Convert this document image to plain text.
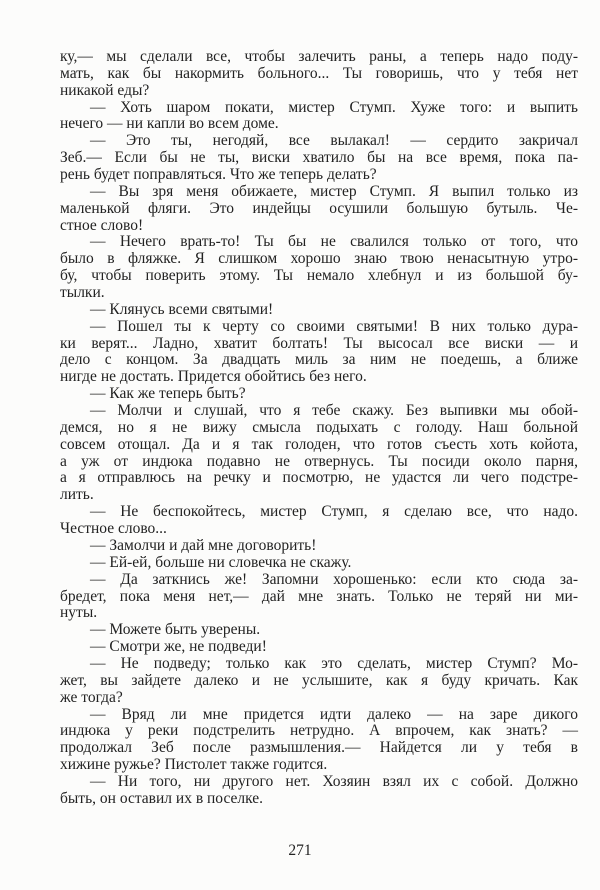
ку,— мы сделали все, чтобы залечить раны, а теперь надо поду-
мать, как бы накормить больного... Ты говоришь, что у тебя нет
никакой еды?
— Хоть шаром покати, мистер Стумп. Хуже того: и выпить
нечего — ни капли во всем доме.
— Это ты, негодяй, все вылакал! — сердито закричал
Зеб.— Если бы не ты, виски хватило бы на все время, пока па-
рень будет поправляться. Что же теперь делать?
— Вы зря меня обижаете, мистер Стумп. Я выпил только из
маленькой фляги. Это индейцы осушили большую бутыль. Че-
стное слово!
— Нечего врать-то! Ты бы не свалился только от того, что
было в фляжке. Я слишком хорошо знаю твою ненасытную утро-
бу, чтобы поверить этому. Ты немало хлебнул и из большой бу-
тылки.
— Клянусь всеми святыми!
— Пошел ты к черту со своими святыми! В них только дура-
ки верят... Ладно, хватит болтать! Ты высосал все виски — и
дело с концом. За двадцать миль за ним не поедешь, а ближе
нигде не достать. Придется обойтись без него.
— Как же теперь быть?
— Молчи и слушай, что я тебе скажу. Без выпивки мы обой-
демся, но я не вижу смысла подыхать с голоду. Наш больной
совсем отощал. Да и я так голоден, что готов съесть хоть койота,
а уж от индюка подавно не отвернусь. Ты посиди около парня,
а я отправлюсь на речку и посмотрю, не удастся ли чего подстре-
лить.
— Не беспокойтесь, мистер Стумп, я сделаю все, что надо.
Честное слово...
— Замолчи и дай мне договорить!
— Ей-ей, больше ни словечка не скажу.
— Да заткнись же! Запомни хорошенько: если кто сюда за-
бредет, пока меня нет,— дай мне знать. Только не теряй ни ми-
нуты.
— Можете быть уверены.
— Смотри же, не подведи!
— Не подведу; только как это сделать, мистер Стумп? Мо-
жет, вы зайдете далеко и не услышите, как я буду кричать. Как
же тогда?
— Вряд ли мне придется идти далеко — на заре дикого
индюка у реки подстрелить нетрудно. А впрочем, как знать? —
продолжал Зеб после размышления.— Найдется ли у тебя в
хижине ружье? Пистолет также годится.
— Ни того, ни другого нет. Хозяин взял их с собой. Должно
быть, он оставил их в поселке.
271
